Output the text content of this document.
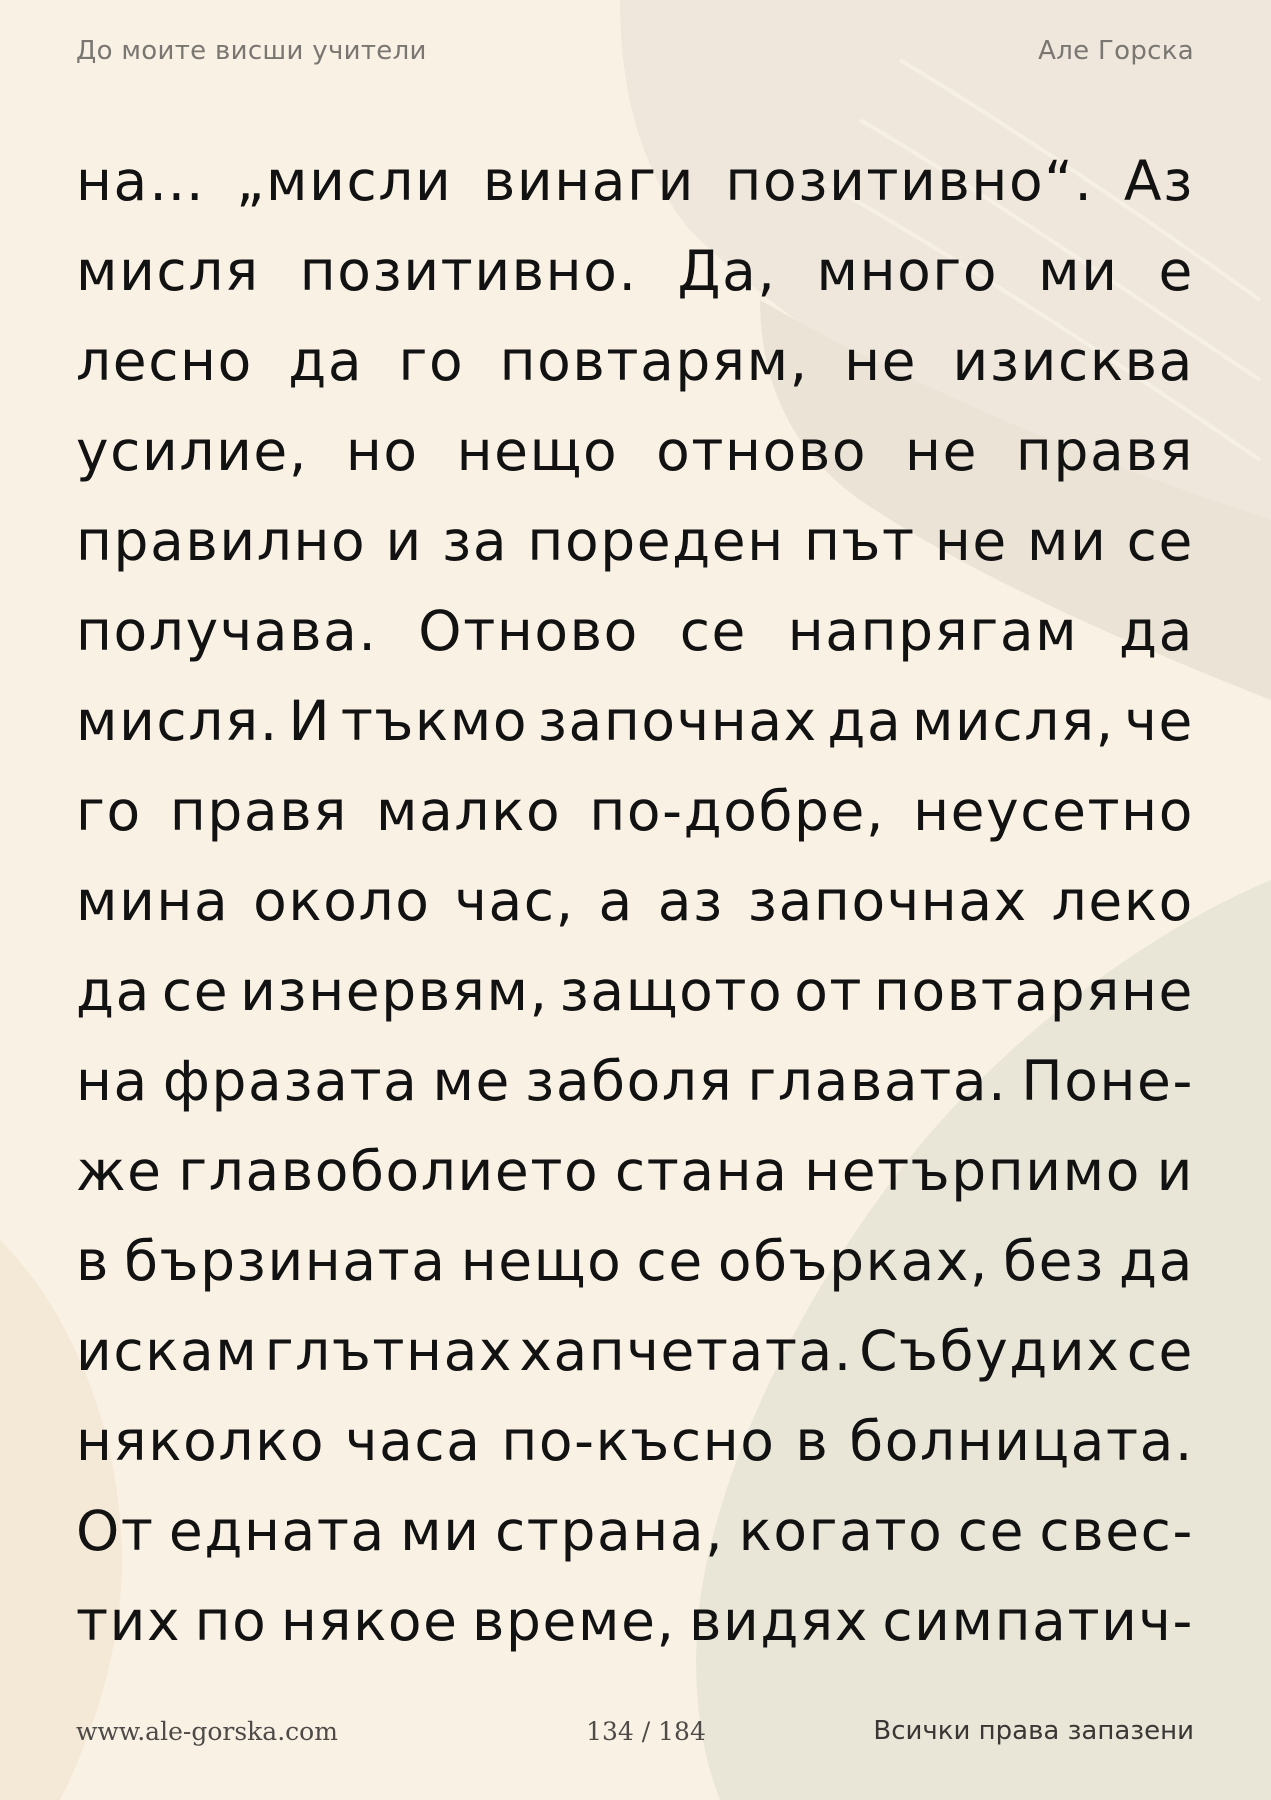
До моите висши учители	Але Горска
на… „мисли винаги позитивно“. Аз
мисля позитивно. Да, много ми е
лесно да го повтарям, не изисква
усилие, но нещо отново не правя
правилно и за пореден път не ми се
получава. Отново се напрягам да
мисля. И тъкмо започнах да мисля, че
го правя малко по-добре, неусетно
мина около час, а аз започнах леко
да се изнервям, защото от повтаряне
на фразата ме заболя главата. Поне-
же главоболието стана нетърпимо и
в бързината нещо се объркаx, без да
искам глътнах хапчетата. Събудих се
няколко часа по-късно в болницата.
От едната ми страна, когато се свес-
тих по някое време, видях симпатич-
www.ale-gorska.com	134 / 184	Всички права запазени
